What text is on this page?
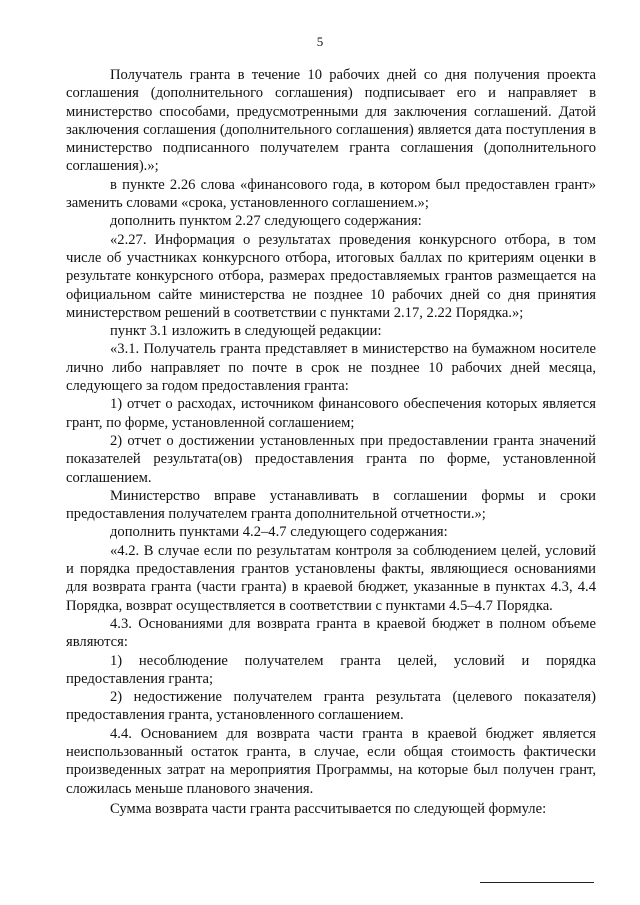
5

Получатель гранта в течение 10 рабочих дней со дня получения проекта соглашения (дополнительного соглашения) подписывает его и направляет в министерство способами, предусмотренными для заключения соглашений. Датой заключения соглашения (дополнительного соглашения) является дата поступления в министерство подписанного получателем гранта соглашения (дополнительного соглашения).»;

в пункте 2.26 слова «финансового года, в котором был предоставлен грант» заменить словами «срока, установленного соглашением.»;

дополнить пунктом 2.27 следующего содержания:

«2.27. Информация о результатах проведения конкурсного отбора, в том числе об участниках конкурсного отбора, итоговых баллах по критериям оценки в результате конкурсного отбора, размерах предоставляемых грантов размещается на официальном сайте министерства не позднее 10 рабочих дней со дня принятия министерством решений в соответствии с пунктами 2.17, 2.22 Порядка.»;

пункт 3.1 изложить в следующей редакции:

«3.1. Получатель гранта представляет в министерство на бумажном носителе лично либо направляет по почте в срок не позднее 10 рабочих дней месяца, следующего за годом предоставления гранта:

1) отчет о расходах, источником финансового обеспечения которых является грант, по форме, установленной соглашением;

2) отчет о достижении установленных при предоставлении гранта значений показателей результата(ов) предоставления гранта по форме, установленной соглашением.

Министерство вправе устанавливать в соглашении формы и сроки предоставления получателем гранта дополнительной отчетности.»;

дополнить пунктами 4.2–4.7 следующего содержания:

«4.2. В случае если по результатам контроля за соблюдением целей, условий и порядка предоставления грантов установлены факты, являющиеся основаниями для возврата гранта (части гранта) в краевой бюджет, указанные в пунктах 4.3, 4.4 Порядка, возврат осуществляется в соответствии с пунктами 4.5–4.7 Порядка.

4.3. Основаниями для возврата гранта в краевой бюджет в полном объеме являются:

1) несоблюдение получателем гранта целей, условий и порядка предоставления гранта;

2) недостижение получателем гранта результата (целевого показателя) предоставления гранта, установленного соглашением.

4.4. Основанием для возврата части гранта в краевой бюджет является неиспользованный остаток гранта, в случае, если общая стоимость фактически произведенных затрат на мероприятия Программы, на которые был получен грант, сложилась меньше планового значения.

Сумма возврата части гранта рассчитывается по следующей формуле:
